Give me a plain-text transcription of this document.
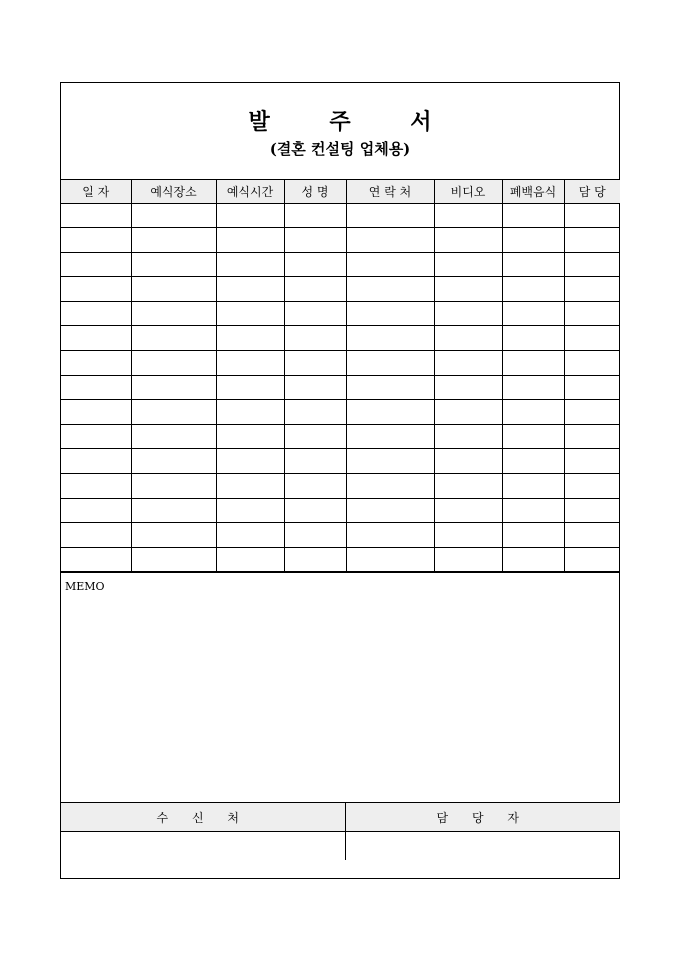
발 주 서
(결혼 컨설팅 업체용)
일 자	예식장소	예식시간	성 명	연 락 처	비디오	폐백음식	담 당

MEMO
수 신 처	담 당 자
